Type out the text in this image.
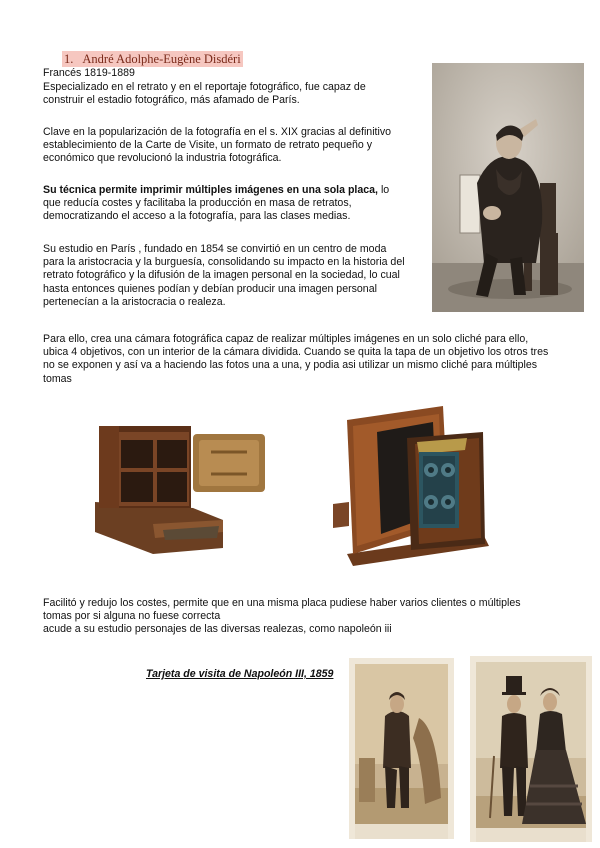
1. André Adolphe-Eugène Disdéri

Francés 1819-1889

Especializado en el retrato y en el reportaje fotográfico, fue capaz de
construir el estadio fotográfico, más afamado de París.

Clave en la popularización de la fotografía en el s. XIX gracias al definitivo
establecimiento de la Carte de Visite, un formato de retrato pequeño y
económico que revolucionó la industria fotográfica.

Su técnica permite imprimir múltiples imágenes en una sola placa, lo
que reducía costes y facilitaba la producción en masa de retratos,
democratizando el acceso a la fotografía, para las clases medias.

Su estudio en París , fundado en 1854 se convirtió en un centro de moda
para la aristocracia y la burguesía, consolidando su impacto en la historia del
retrato fotográfico y la difusión de la imagen personal en la sociedad, lo cual
hasta entonces quienes podían y debían producir una imagen personal
pertenecían a la aristocracia o realeza.

Para ello, crea una cámara fotográfica capaz de realizar múltiples imágenes en un solo cliché para ello,
ubica 4 objetivos, con un interior de la cámara dividida. Cuando se quita la tapa de un objetivo los otros tres
no se exponen y así va a haciendo las fotos una a una, y podia asi utilizar un mismo cliché para múltiples
tomas

Facilitó y redujo los costes, permite que en una misma placa pudiese haber varios clientes o múltiples
tomas por si alguna no fuese correcta
acude a su estudio personajes de las diversas realezas, como napoleón iii

Tarjeta de visita de Napoleón III, 1859
